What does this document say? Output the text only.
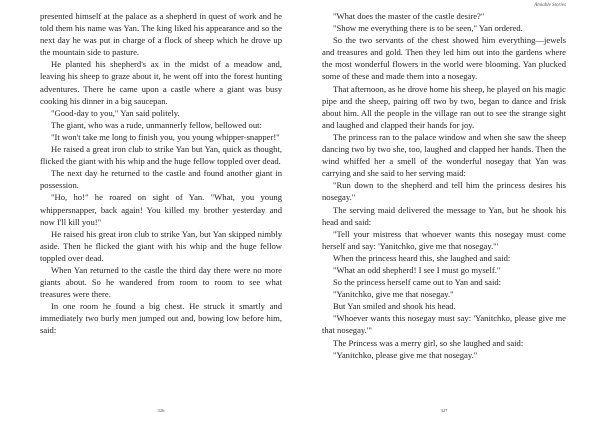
presented himself at the palace as a shepherd in quest of work and he told them his name was Yan. The king liked his appearance and so the next day he was put in charge of a flock of sheep which he drove up the mountain side to pasture.

He planted his shepherd's ax in the midst of a meadow and, leaving his sheep to graze about it, he went off into the forest hunting adventures. There he came upon a castle where a giant was busy cooking his dinner in a big saucepan.

"Good-day to you," Yan said politely.

The giant, who was a rude, unmannerly fellow, bellowed out:

"It won't take me long to finish you, you young whipper-snapper!"

He raised a great iron club to strike Yan but Yan, quick as thought, flicked the giant with his whip and the huge fellow toppled over dead.

The next day he returned to the castle and found another giant in possession.

"Ho, ho!" he roared on sight of Yan. "What, you young whippersnapper, back again! You killed my brother yesterday and now I'll kill you!"

He raised his great iron club to strike Yan, but Yan skipped nimbly aside. Then he flicked the giant with his whip and the huge fellow toppled over dead.

When Yan returned to the castle the third day there were no more giants about. So he wandered from room to room to see what treasures were there.

In one room he found a big chest. He struck it smartly and immediately two burly men jumped out and, bowing low before him, said:

326
Amiable Stories

"What does the master of the castle desire?"

"Show me everything there is to be seen," Yan ordered.

So the two servants of the chest showed him everything—jewels and treasures and gold. Then they led him out into the gardens where the most wonderful flowers in the world were blooming. Yan plucked some of these and made them into a nosegay.

That afternoon, as he drove home his sheep, he played on his magic pipe and the sheep, pairing off two by two, began to dance and frisk about him. All the people in the village ran out to see the strange sight and laughed and clapped their hands for joy.

The princess ran to the palace window and when she saw the sheep dancing two by two she, too, laughed and clapped her hands. Then the wind whiffed her a smell of the wonderful nosegay that Yan was carrying and she said to her serving maid:

"Run down to the shepherd and tell him the princess desires his nosegay."

The serving maid delivered the message to Yan, but he shook his head and said:

"Tell your mistress that whoever wants this nosegay must come herself and say: 'Yanitchko, give me that nosegay.'"

When the princess heard this, she laughed and said:

"What an odd shepherd! I see I must go myself."

So the princess herself came out to Yan and said:

"Yanitchko, give me that nosegay."

But Yan smiled and shook his head.

"Whoever wants this nosegay must say: 'Yanitchko, please give me that nosegay.'"

The Princess was a merry girl, so she laughed and said:

"Yanitchko, please give me that nosegay."

327
